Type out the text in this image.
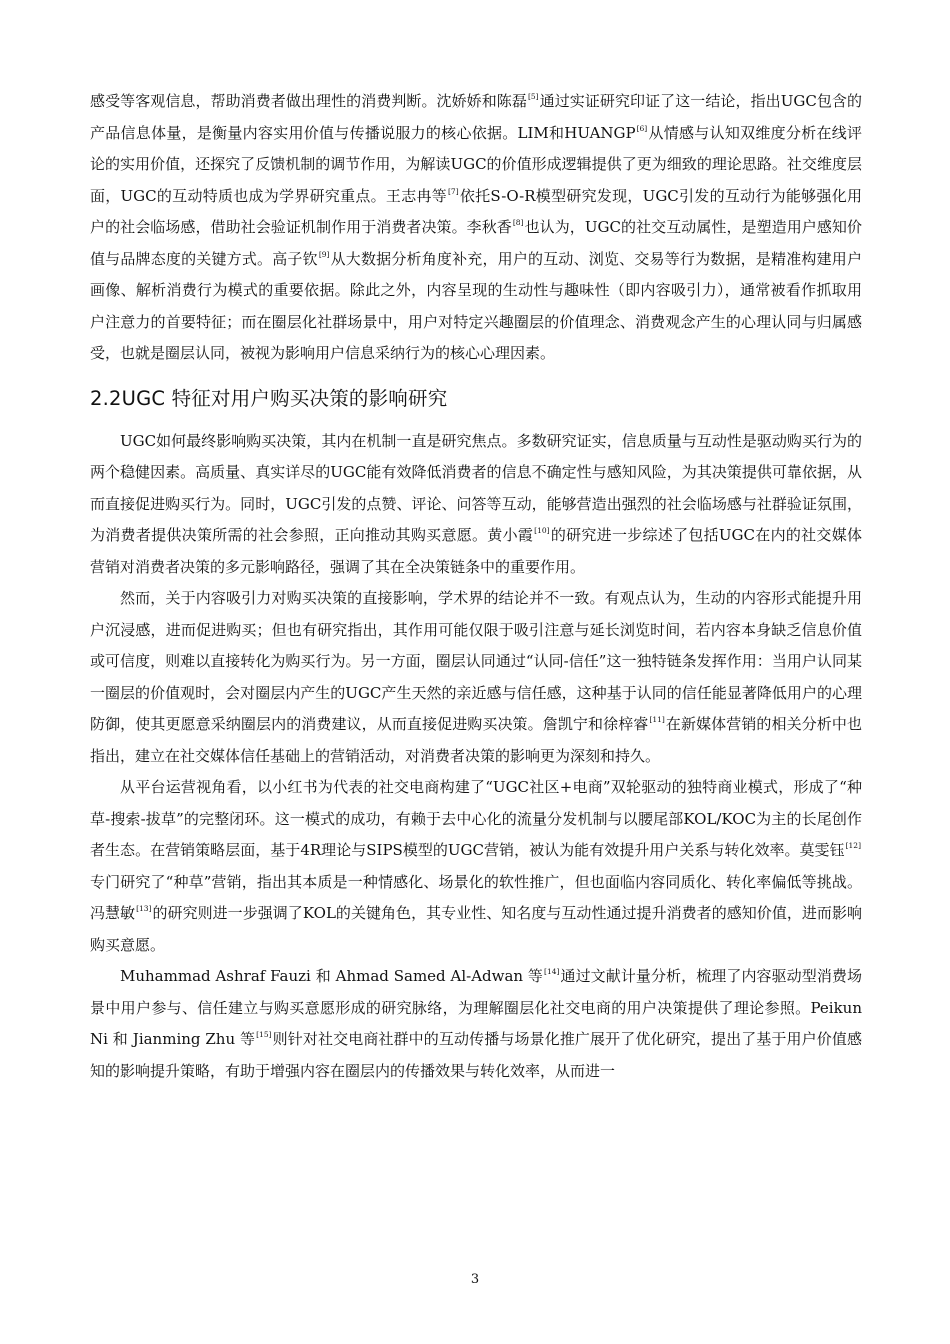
感受等客观信息，帮助消费者做出理性的消费判断。沈娇娇和陈磊[5]通过实证研究印证了这一结论，指出UGC包含的产品信息体量，是衡量内容实用价值与传播说服力的核心依据。LIM和HUANGP[6]从情感与认知双维度分析在线评论的实用价值，还探究了反馈机制的调节作用，为解读UGC的价值形成逻辑提供了更为细致的理论思路。社交维度层面，UGC的互动特质也成为学界研究重点。王志冉等[7]依托S-O-R模型研究发现，UGC引发的互动行为能够强化用户的社会临场感，借助社会验证机制作用于消费者决策。李秋香[8]也认为，UGC的社交互动属性，是塑造用户感知价值与品牌态度的关键方式。高子钦[9]从大数据分析角度补充，用户的互动、浏览、交易等行为数据，是精准构建用户画像、解析消费行为模式的重要依据。除此之外，内容呈现的生动性与趣味性（即内容吸引力），通常被看作抓取用户注意力的首要特征；而在圈层化社群场景中，用户对特定兴趣圈层的价值理念、消费观念产生的心理认同与归属感受，也就是圈层认同，被视为影响用户信息采纳行为的核心心理因素。

2.2UGC 特征对用户购买决策的影响研究

UGC如何最终影响购买决策，其内在机制一直是研究焦点。多数研究证实，信息质量与互动性是驱动购买行为的两个稳健因素。高质量、真实详尽的UGC能有效降低消费者的信息不确定性与感知风险，为其决策提供可靠依据，从而直接促进购买行为。同时，UGC引发的点赞、评论、问答等互动，能够营造出强烈的社会临场感与社群验证氛围，为消费者提供决策所需的社会参照，正向推动其购买意愿。黄小霞[10]的研究进一步综述了包括UGC在内的社交媒体营销对消费者决策的多元影响路径，强调了其在全决策链条中的重要作用。

然而，关于内容吸引力对购买决策的直接影响，学术界的结论并不一致。有观点认为，生动的内容形式能提升用户沉浸感，进而促进购买；但也有研究指出，其作用可能仅限于吸引注意与延长浏览时间，若内容本身缺乏信息价值或可信度，则难以直接转化为购买行为。另一方面，圈层认同通过“认同-信任”这一独特链条发挥作用：当用户认同某一圈层的价值观时，会对圈层内产生的UGC产生天然的亲近感与信任感，这种基于认同的信任能显著降低用户的心理防御，使其更愿意采纳圈层内的消费建议，从而直接促进购买决策。詹凯宁和徐梓睿[11]在新媒体营销的相关分析中也指出，建立在社交媒体信任基础上的营销活动，对消费者决策的影响更为深刻和持久。

从平台运营视角看，以小红书为代表的社交电商构建了“UGC社区+电商”双轮驱动的独特商业模式，形成了“种草-搜索-拔草”的完整闭环。这一模式的成功，有赖于去中心化的流量分发机制与以腰尾部KOL/KOC为主的长尾创作者生态。在营销策略层面，基于4R理论与SIPS模型的UGC营销，被认为能有效提升用户关系与转化效率。莫雯钰[12]专门研究了“种草”营销，指出其本质是一种情感化、场景化的软性推广，但也面临内容同质化、转化率偏低等挑战。冯慧敏[13]的研究则进一步强调了KOL的关键角色，其专业性、知名度与互动性通过提升消费者的感知价值，进而影响购买意愿。

Muhammad Ashraf Fauzi 和 Ahmad Samed Al-Adwan 等[14]通过文献计量分析，梳理了内容驱动型消费场景中用户参与、信任建立与购买意愿形成的研究脉络，为理解圈层化社交电商的用户决策提供了理论参照。Peikun Ni 和 Jianming Zhu 等[15]则针对社交电商社群中的互动传播与场景化推广展开了优化研究，提出了基于用户价值感知的影响提升策略，有助于增强内容在圈层内的传播效果与转化效率，从而进一

3
